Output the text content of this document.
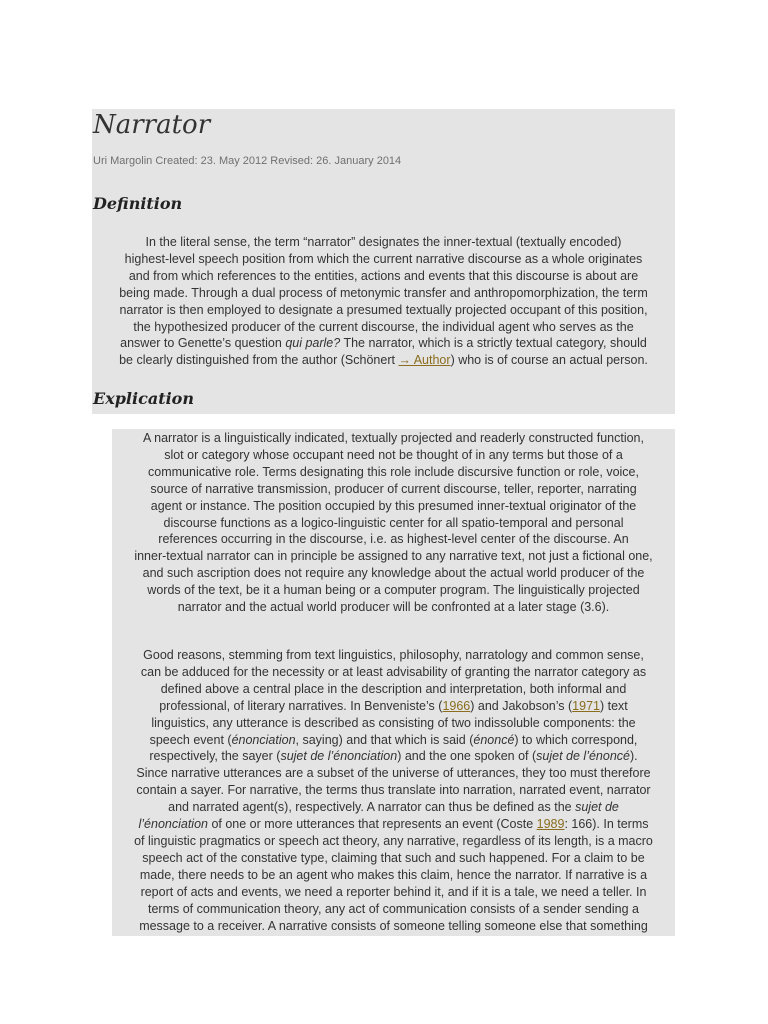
A narrator is a linguistically indicated, textually projected and readerly constructed function,
slot or category whose occupant need not be thought of in any terms but those of a
communicative role. Terms designating this role include discursive function or role, voice,
source of narrative transmission, producer of current discourse, teller, reporter, narrating
agent or instance. The position occupied by this presumed inner-textual originator of the
discourse functions as a logico-linguistic center for all spatio-temporal and personal
references occurring in the discourse, i.e. as highest-level center of the discourse. An
inner-textual narrator can in principle be assigned to any narrative text, not just a fictional one,
and such ascription does not require any knowledge about the actual world producer of the
words of the text, be it a human being or a computer program. The linguistically projected
narrator and the actual world producer will be confronted at a later stage (3.6).
Good reasons, stemming from text linguistics, philosophy, narratology and common sense,
can be adduced for the necessity or at least advisability of granting the narrator category as
defined above a central place in the description and interpretation, both informal and
professional, of literary narratives. In Benveniste’s (1966) and Jakobson’s (1971) text
linguistics, any utterance is described as consisting of two indissoluble components: the
speech event (énonciation, saying) and that which is said (énoncé) to which correspond,
respectively, the sayer (sujet de l’énonciation) and the one spoken of (sujet de l’énoncé).
Since narrative utterances are a subset of the universe of utterances, they too must therefore
contain a sayer. For narrative, the terms thus translate into narration, narrated event, narrator
and narrated agent(s), respectively. A narrator can thus be defined as the sujet de
l’énonciation of one or more utterances that represents an event (Coste 1989: 166). In terms
of linguistic pragmatics or speech act theory, any narrative, regardless of its length, is a macro
speech act of the constative type, claiming that such and such happened. For a claim to be
made, there needs to be an agent who makes this claim, hence the narrator. If narrative is a
report of acts and events, we need a reporter behind it, and if it is a tale, we need a teller. In
terms of communication theory, any act of communication consists of a sender sending a
message to a receiver. A narrative consists of someone telling someone else that something
Narrator
Uri Margolin Created: 23. May 2012 Revised: 26. January 2014
Definition
In the literal sense, the term “narrator” designates the inner-textual (textually encoded)
highest-level speech position from which the current narrative discourse as a whole originates
and from which references to the entities, actions and events that this discourse is about are
being made. Through a dual process of metonymic transfer and anthropomorphization, the term
narrator is then employed to designate a presumed textually projected occupant of this position,
the hypothesized producer of the current discourse, the individual agent who serves as the
answer to Genette’s question qui parle? The narrator, which is a strictly textual category, should
be clearly distinguished from the author (Schönert → Author) who is of course an actual person.
Explication
